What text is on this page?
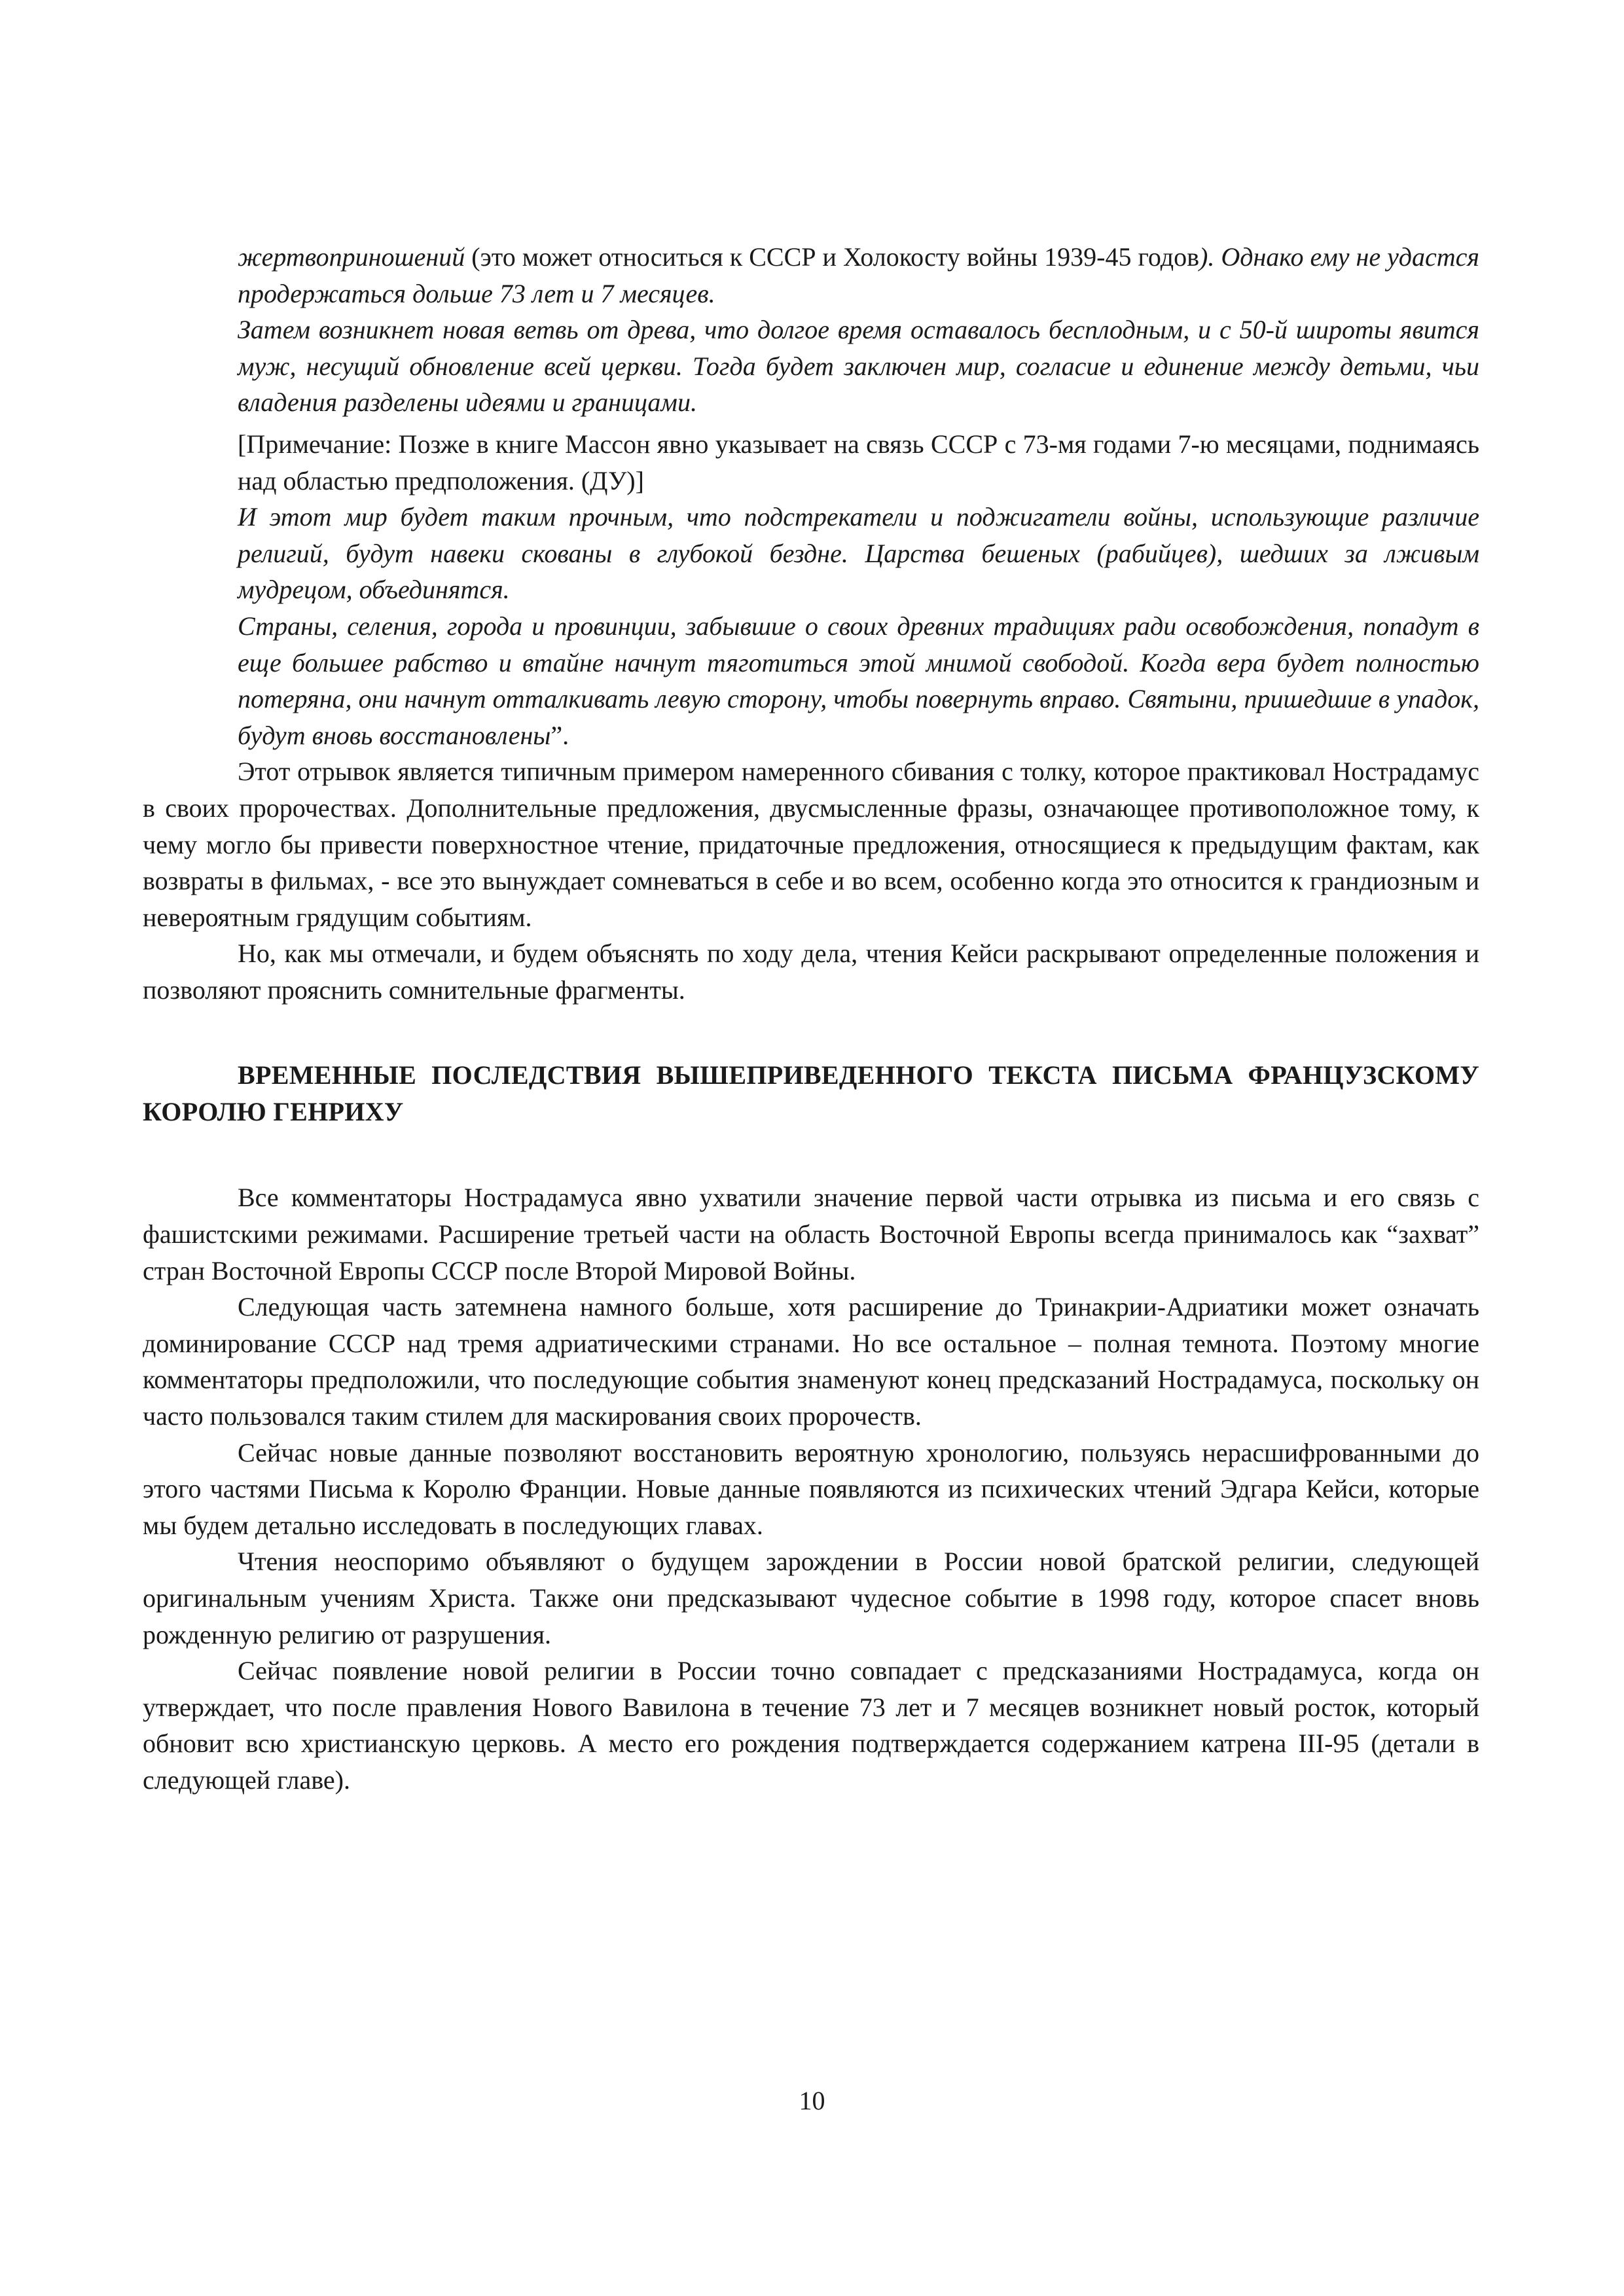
жертвоприношений (это может относиться к СССР и Холокосту войны 1939-45 годов). Однако ему не удастся продержаться дольше 73 лет и 7 месяцев.

Затем возникнет новая ветвь от древа, что долгое время оставалось бесплодным, и с 50-й широты явится муж, несущий обновление всей церкви. Тогда будет заключен мир, согласие и единение между детьми, чьи владения разделены идеями и границами.

[Примечание: Позже в книге Массон явно указывает на связь СССР с 73-мя годами 7-ю месяцами, поднимаясь над областью предположения. (ДУ)]

И этот мир будет таким прочным, что подстрекатели и поджигатели войны, использующие различие религий, будут навеки скованы в глубокой бездне. Царства бешеных (рабийцев), шедших за лживым мудрецом, объединятся.

Страны, селения, города и провинции, забывшие о своих древних традициях ради освобождения, попадут в еще большее рабство и втайне начнут тяготиться этой мнимой свободой. Когда вера будет полностью потеряна, они начнут отталкивать левую сторону, чтобы повернуть вправо. Святыни, пришедшие в упадок, будут вновь восстановлены”.

Этот отрывок является типичным примером намеренного сбивания с толку, которое практиковал Нострадамус в своих пророчествах. Дополнительные предложения, двусмысленные фразы, означающее противоположное тому, к чему могло бы привести поверхностное чтение, придаточные предложения, относящиеся к предыдущим фактам, как возвраты в фильмах, - все это вынуждает сомневаться в себе и во всем, особенно когда это относится к грандиозным и невероятным грядущим событиям.

Но, как мы отмечали, и будем объяснять по ходу дела, чтения Кейси раскрывают определенные положения и позволяют прояснить сомнительные фрагменты.

ВРЕМЕННЫЕ ПОСЛЕДСТВИЯ ВЫШЕПРИВЕДЕННОГО ТЕКСТА ПИСЬМА ФРАНЦУЗСКОМУ КОРОЛЮ ГЕНРИХУ

Все комментаторы Нострадамуса явно ухватили значение первой части отрывка из письма и его связь с фашистскими режимами. Расширение третьей части на область Восточной Европы всегда принималось как “захват” стран Восточной Европы СССР после Второй Мировой Войны.

Следующая часть затемнена намного больше, хотя расширение до Тринакрии-Адриатики может означать доминирование СССР над тремя адриатическими странами. Но все остальное – полная темнота. Поэтому многие комментаторы предположили, что последующие события знаменуют конец предсказаний Нострадамуса, поскольку он часто пользовался таким стилем для маскирования своих пророчеств.

Сейчас новые данные позволяют восстановить вероятную хронологию, пользуясь нерасшифрованными до этого частями Письма к Королю Франции. Новые данные появляются из психических чтений Эдгара Кейси, которые мы будем детально исследовать в последующих главах.

Чтения неоспоримо объявляют о будущем зарождении в России новой братской религии, следующей оригинальным учениям Христа. Также они предсказывают чудесное событие в 1998 году, которое спасет вновь рожденную религию от разрушения.

Сейчас появление новой религии в России точно совпадает с предсказаниями Нострадамуса, когда он утверждает, что после правления Нового Вавилона в течение 73 лет и 7 месяцев возникнет новый росток, который обновит всю христианскую церковь. А место его рождения подтверждается содержанием катрена III-95 (детали в следующей главе).

10
